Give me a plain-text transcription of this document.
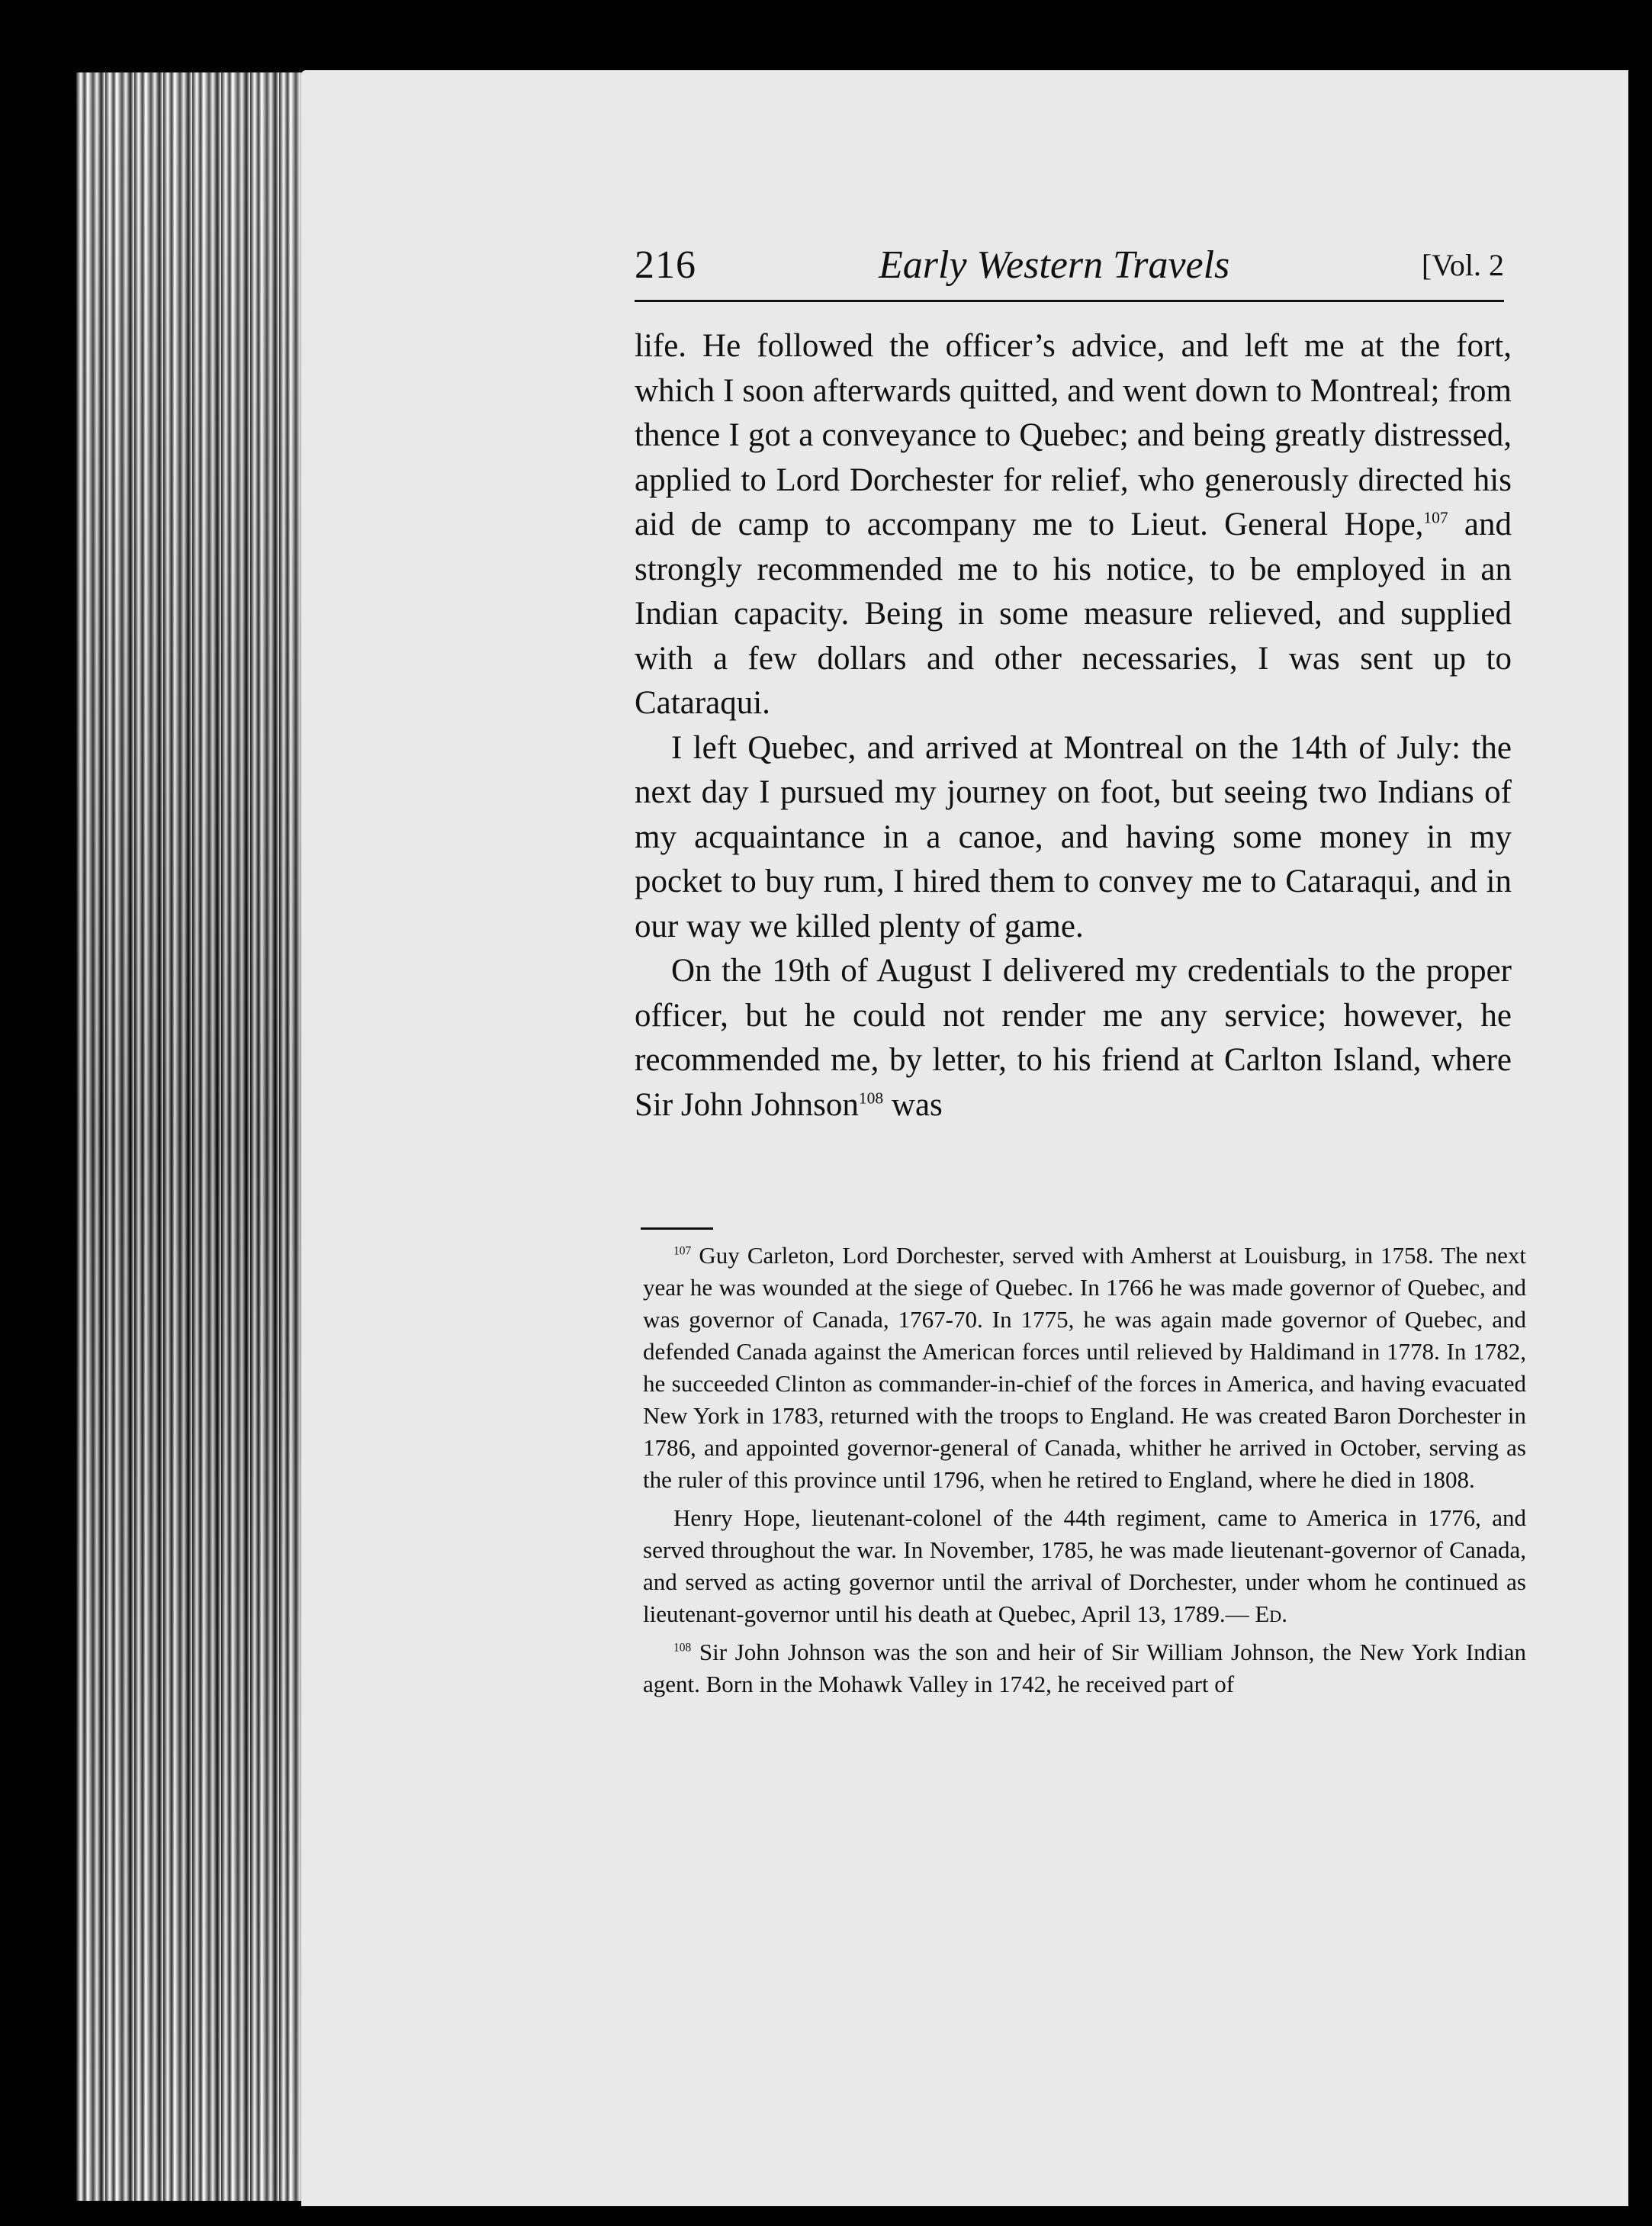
216	Early Western Travels	[Vol. 2

life. He followed the officer’s advice, and left me at the fort, which I soon afterwards quitted, and went down to Montreal; from thence I got a conveyance to Quebec; and being greatly distressed, applied to Lord Dorchester for relief, who generously directed his aid de camp to accompany me to Lieut. General Hope,$^{107}$ and strongly recommended me to his notice, to be employed in an Indian capacity. Being in some measure relieved, and supplied with a few dollars and other necessaries, I was sent up to Cataraqui.

I left Quebec, and arrived at Montreal on the 14th of July: the next day I pursued my journey on foot, but seeing two Indians of my acquaintance in a canoe, and having some money in my pocket to buy rum, I hired them to convey me to Cataraqui, and in our way we killed plenty of game.

On the 19th of August I delivered my credentials to the proper officer, but he could not render me any service; however, he recommended me, by letter, to his friend at Carlton Island, where Sir John Johnson$^{108}$ was

$^{107}$ Guy Carleton, Lord Dorchester, served with Amherst at Louisburg, in 1758. The next year he was wounded at the siege of Quebec. In 1766 he was made governor of Quebec, and was governor of Canada, 1767-70. In 1775, he was again made governor of Quebec, and defended Canada against the American forces until relieved by Haldimand in 1778. In 1782, he succeeded Clinton as commander-in-chief of the forces in America, and having evacuated New York in 1783, returned with the troops to England. He was created Baron Dorchester in 1786, and appointed governor-general of Canada, whither he arrived in October, serving as the ruler of this province until 1796, when he retired to England, where he died in 1808.

Henry Hope, lieutenant-colonel of the 44th regiment, came to America in 1776, and served throughout the war. In November, 1785, he was made lieutenant-governor of Canada, and served as acting governor until the arrival of Dorchester, under whom he continued as lieutenant-governor until his death at Quebec, April 13, 1789.— Ed.

$^{108}$ Sir John Johnson was the son and heir of Sir William Johnson, the New York Indian agent. Born in the Mohawk Valley in 1742, he received part of
